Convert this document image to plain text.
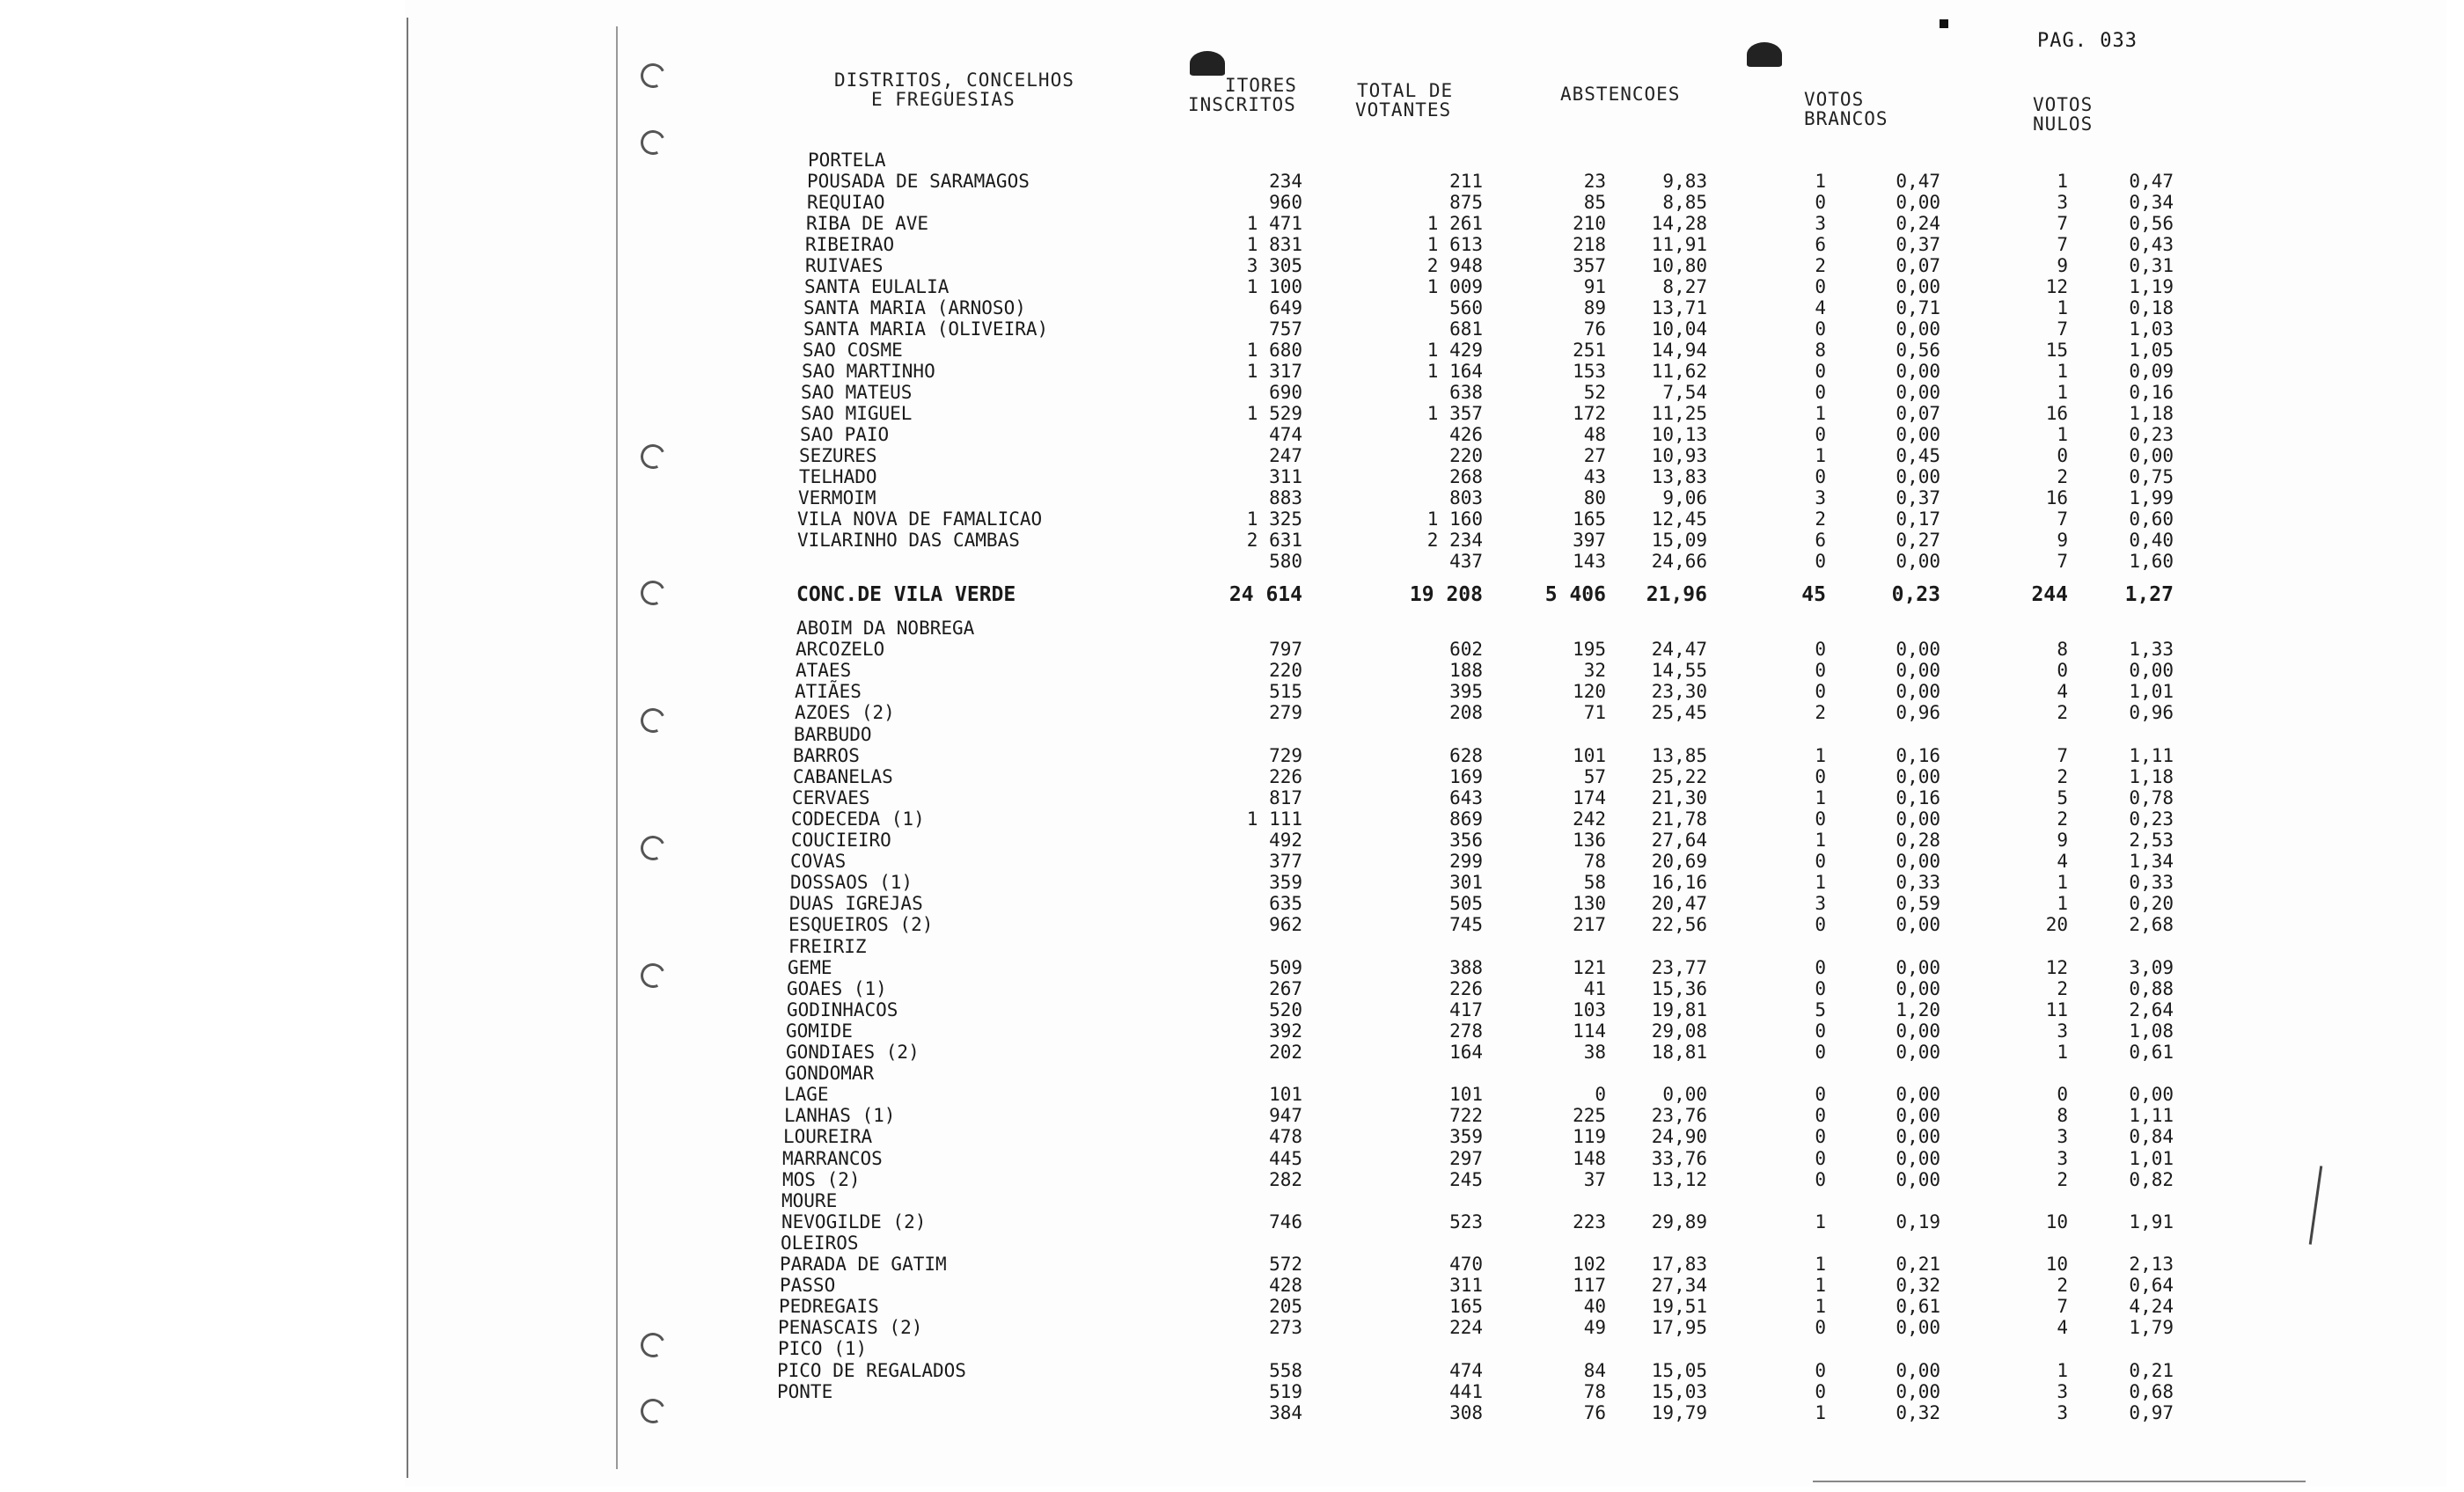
PAG. 033
DISTRITOS, CONCELHOS
E FREGUESIAS
ITORES
INSCRITOS
TOTAL DE
VOTANTES
ABSTENCOES	VOTOS
BRANCOS
VOTOS
NULOS
PORTELA
POUSADA DE SARAMAGOS	234	211	23	9,83	1	0,47	1	0,47
REQUIAO	960	875	85	8,85	0	0,00	3	0,34
RIBA DE AVE	1 471	1 261	210	14,28	3	0,24	7	0,56
RIBEIRAO	1 831	1 613	218	11,91	6	0,37	7	0,43
RUIVAES	3 305	2 948	357	10,80	2	0,07	9	0,31
SANTA EULALIA	1 100	1 009	91	8,27	0	0,00	12	1,19
SANTA MARIA (ARNOSO)	649	560	89	13,71	4	0,71	1	0,18
SANTA MARIA (OLIVEIRA)	757	681	76	10,04	0	0,00	7	1,03
SAO COSME	1 680	1 429	251	14,94	8	0,56	15	1,05
SAO MARTINHO	1 317	1 164	153	11,62	0	0,00	1	0,09
SAO MATEUS	690	638	52	7,54	0	0,00	1	0,16
SAO MIGUEL	1 529	1 357	172	11,25	1	0,07	16	1,18
SAO PAIO	474	426	48	10,13	0	0,00	1	0,23
SEZURES	247	220	27	10,93	1	0,45	0	0,00
TELHADO	311	268	43	13,83	0	0,00	2	0,75
VERMOIM	883	803	80	9,06	3	0,37	16	1,99
VILA NOVA DE FAMALICAO	1 325	1 160	165	12,45	2	0,17	7	0,60
VILARINHO DAS CAMBAS	2 631	2 234	397	15,09	6	0,27	9	0,40
580	437	143	24,66	0	0,00	7	1,60
CONC.DE VILA VERDE	24 614	19 208	5 406	21,96	45	0,23	244	1,27
ABOIM DA NOBREGA
ARCOZELO	797	602	195	24,47	0	0,00	8	1,33
ATAES	220	188	32	14,55	0	0,00	0	0,00
ATIÃES	515	395	120	23,30	0	0,00	4	1,01
AZOES (2)	279	208	71	25,45	2	0,96	2	0,96
BARBUDO
BARROS	729	628	101	13,85	1	0,16	7	1,11
CABANELAS	226	169	57	25,22	0	0,00	2	1,18
CERVAES	817	643	174	21,30	1	0,16	5	0,78
CODECEDA (1)	1 111	869	242	21,78	0	0,00	2	0,23
COUCIEIRO	492	356	136	27,64	1	0,28	9	2,53
COVAS	377	299	78	20,69	0	0,00	4	1,34
DOSSAOS (1)	359	301	58	16,16	1	0,33	1	0,33
DUAS IGREJAS	635	505	130	20,47	3	0,59	1	0,20
ESQUEIROS (2)	962	745	217	22,56	0	0,00	20	2,68
FREIRIZ
GEME	509	388	121	23,77	0	0,00	12	3,09
GOAES (1)	267	226	41	15,36	0	0,00	2	0,88
GODINHACOS	520	417	103	19,81	5	1,20	11	2,64
GOMIDE	392	278	114	29,08	0	0,00	3	1,08
GONDIAES (2)	202	164	38	18,81	0	0,00	1	0,61
GONDOMAR
LAGE	101	101	0	0,00	0	0,00	0	0,00
LANHAS (1)	947	722	225	23,76	0	0,00	8	1,11
LOUREIRA	478	359	119	24,90	0	0,00	3	0,84
MARRANCOS	445	297	148	33,76	0	0,00	3	1,01
MOS (2)	282	245	37	13,12	0	0,00	2	0,82
MOURE
NEVOGILDE (2)	746	523	223	29,89	1	0,19	10	1,91
OLEIROS
PARADA DE GATIM	572	470	102	17,83	1	0,21	10	2,13
PASSO	428	311	117	27,34	1	0,32	2	0,64
PEDREGAIS	205	165	40	19,51	1	0,61	7	4,24
PENASCAIS (2)	273	224	49	17,95	0	0,00	4	1,79
PICO (1)
PICO DE REGALADOS	558	474	84	15,05	0	0,00	1	0,21
PONTE	519	441	78	15,03	0	0,00	3	0,68
384	308	76	19,79	1	0,32	3	0,97
